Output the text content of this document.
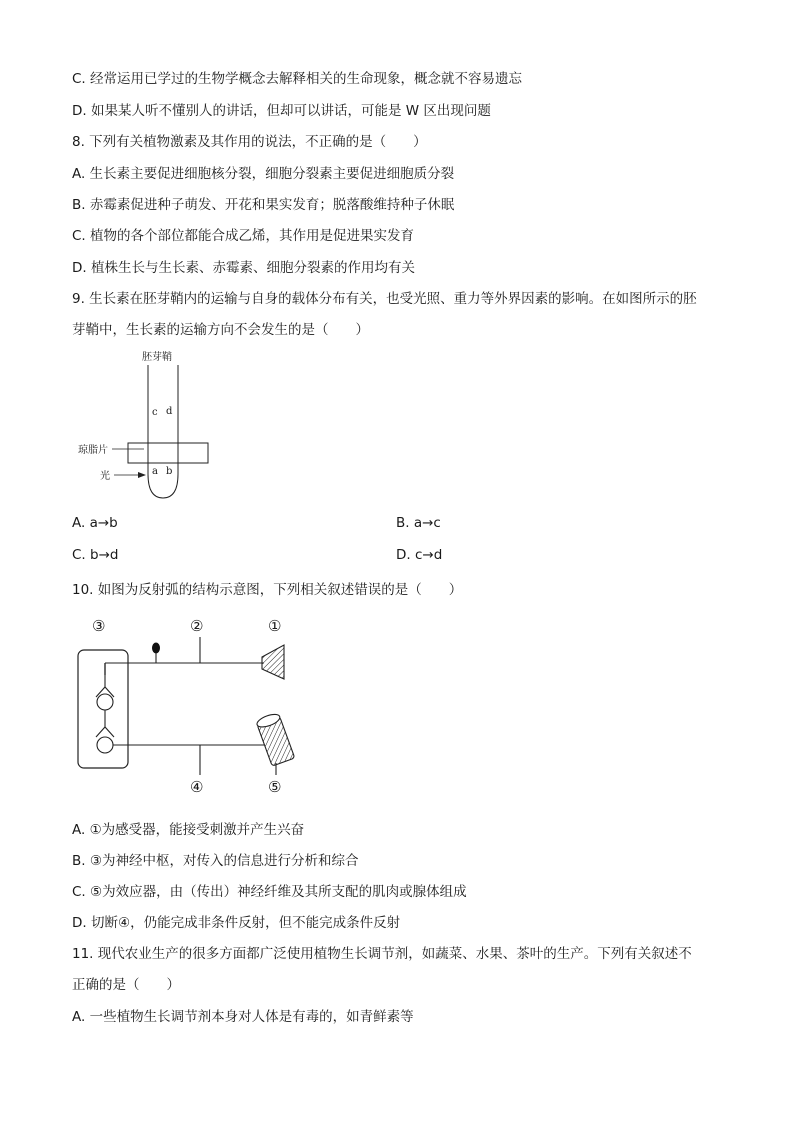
C. 经常运用已学过的生物学概念去解释相关的生命现象，概念就不容易遗忘
D. 如果某人听不懂别人的讲话，但却可以讲话，可能是 W 区出现问题
8. 下列有关植物激素及其作用的说法，不正确的是（　　）
A. 生长素主要促进细胞核分裂，细胞分裂素主要促进细胞质分裂
B. 赤霉素促进种子萌发、开花和果实发育；脱落酸维持种子休眠
C. 植物的各个部位都能合成乙烯，其作用是促进果实发育
D. 植株生长与生长素、赤霉素、细胞分裂素的作用均有关
9. 生长素在胚芽鞘内的运输与自身的载体分布有关，也受光照、重力等外界因素的影响。在如图所示的胚
芽鞘中，生长素的运输方向不会发生的是（　　）
胚芽鞘
c d
a b
琼脂片
光
A. a→b	B. a→c
C. b→d	D. c→d
10. 如图为反射弧的结构示意图，下列相关叙述错误的是（　　）
③	②	①
④	⑤
A. ①为感受器，能接受刺激并产生兴奋
B. ③为神经中枢，对传入的信息进行分析和综合
C. ⑤为效应器，由（传出）神经纤维及其所支配的肌肉或腺体组成
D. 切断④，仍能完成非条件反射，但不能完成条件反射
11. 现代农业生产的很多方面都广泛使用植物生长调节剂，如蔬菜、水果、茶叶的生产。下列有关叙述不
正确的是（　　）
A. 一些植物生长调节剂本身对人体是有毒的，如青鲜素等
